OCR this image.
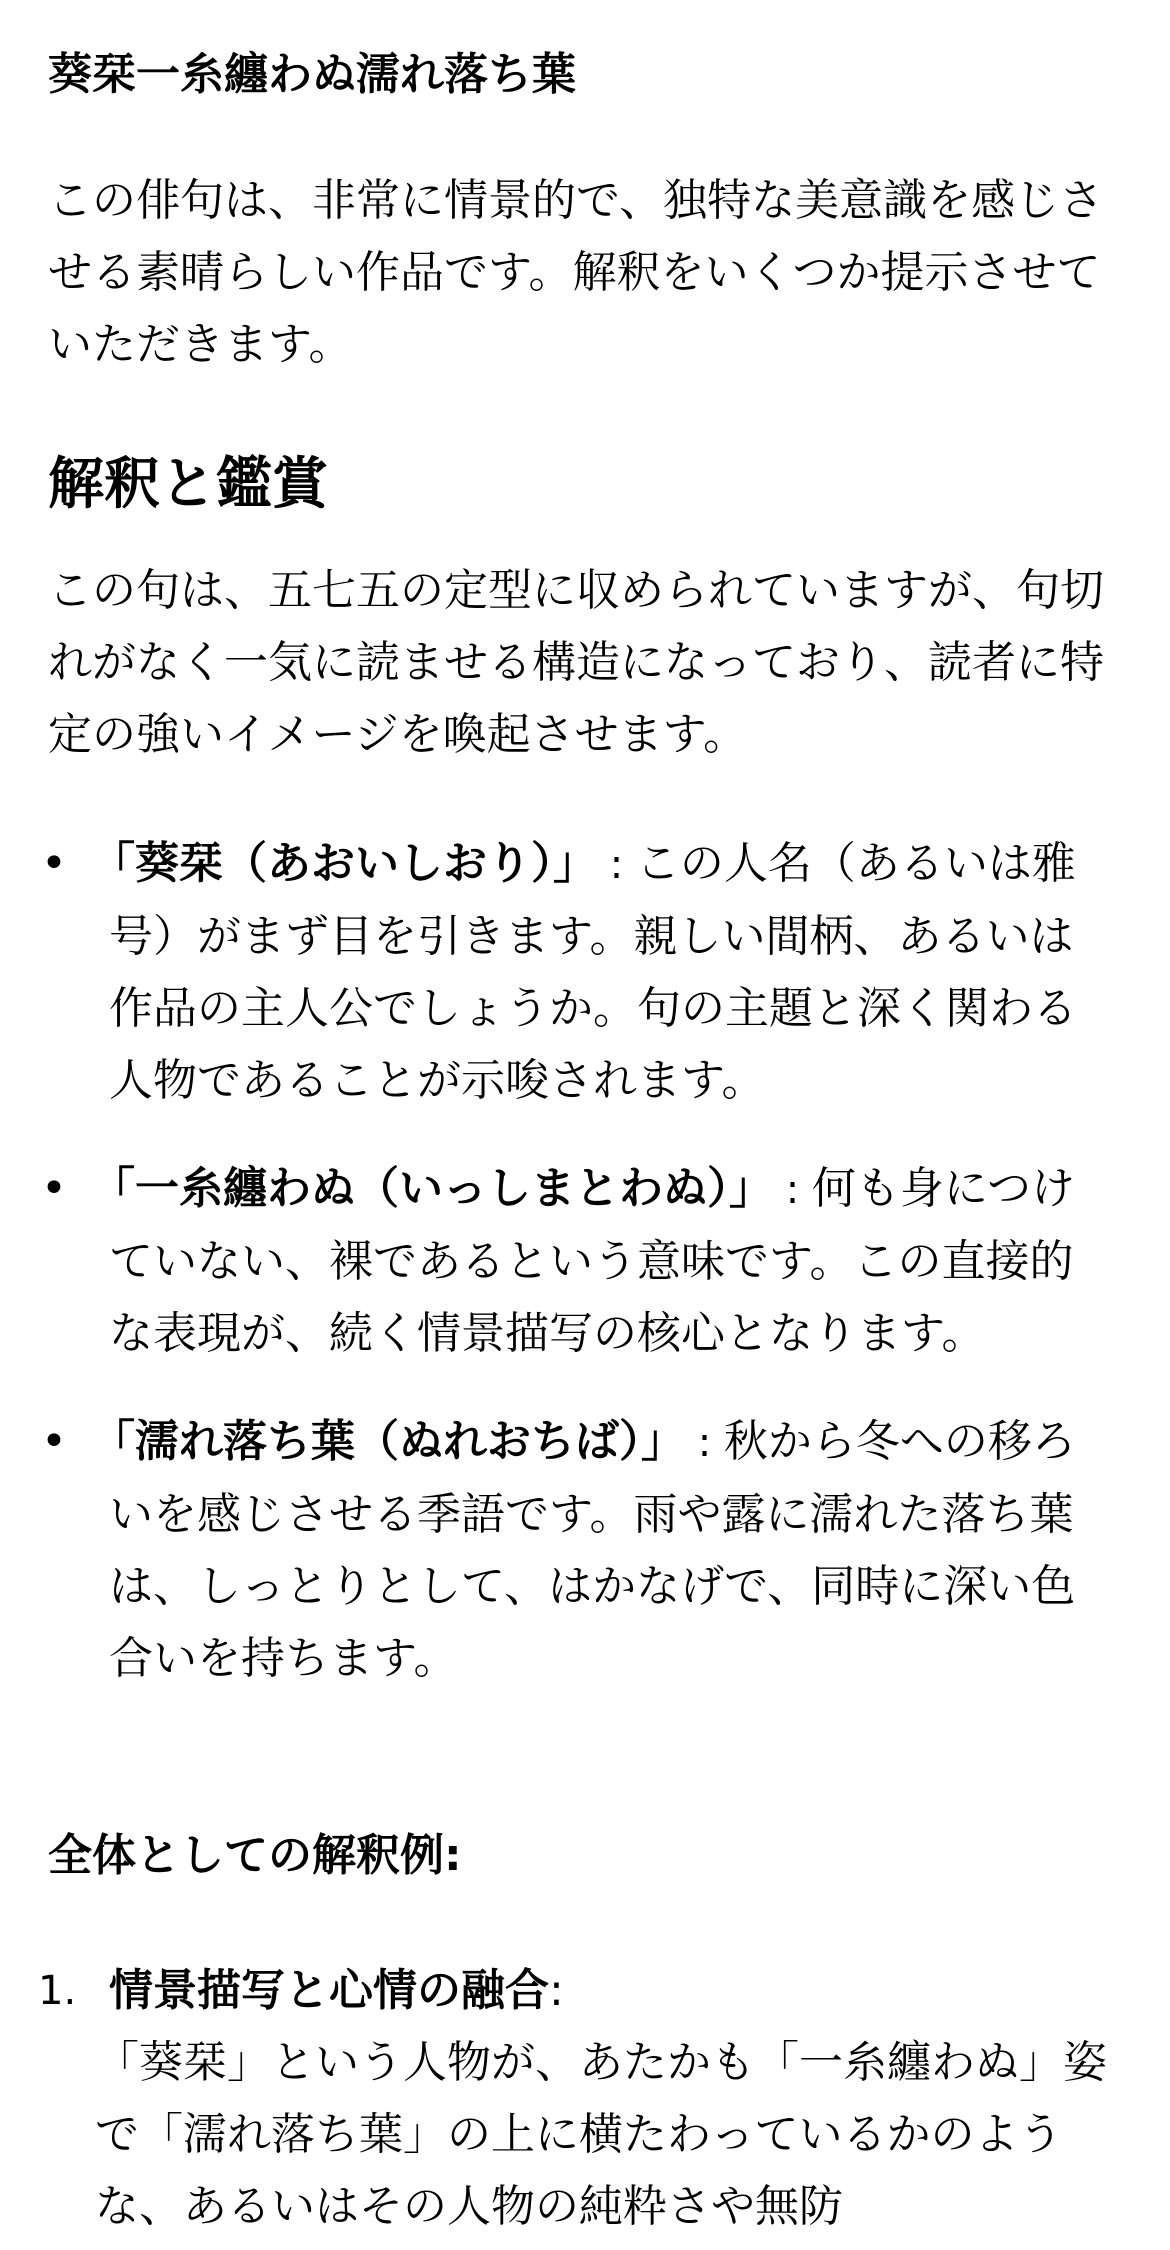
葵栞一糸纏わぬ濡れ落ち葉

この俳句は、非常に情景的で、独特な美意識を感じさせる素晴らしい作品です。解釈をいくつか提示させていただきます。

解釈と鑑賞

この句は、五七五の定型に収められていますが、句切れがなく一気に読ませる構造になっており、読者に特定の強いイメージを喚起させます。

• 「葵栞（あおいしおり）」 : この人名（あるいは雅号）がまず目を引きます。親しい間柄、あるいは作品の主人公でしょうか。句の主題と深く関わる人物であることが示唆されます。
• 「一糸纏わぬ（いっしまとわぬ）」 : 何も身につけていない、裸であるという意味です。この直接的な表現が、続く情景描写の核心となります。
• 「濡れ落ち葉（ぬれおちば）」 : 秋から冬への移ろいを感じさせる季語です。雨や露に濡れた落ち葉は、しっとりとして、はかなげで、同時に深い色合いを持ちます。
全体としての解釈例:
1. 情景描写と心情の融合:
「葵栞」という人物が、あたかも「一糸纏わぬ」姿で「濡れ落ち葉」の上に横たわっているかのような、あるいはその人物の純粋さや無防
